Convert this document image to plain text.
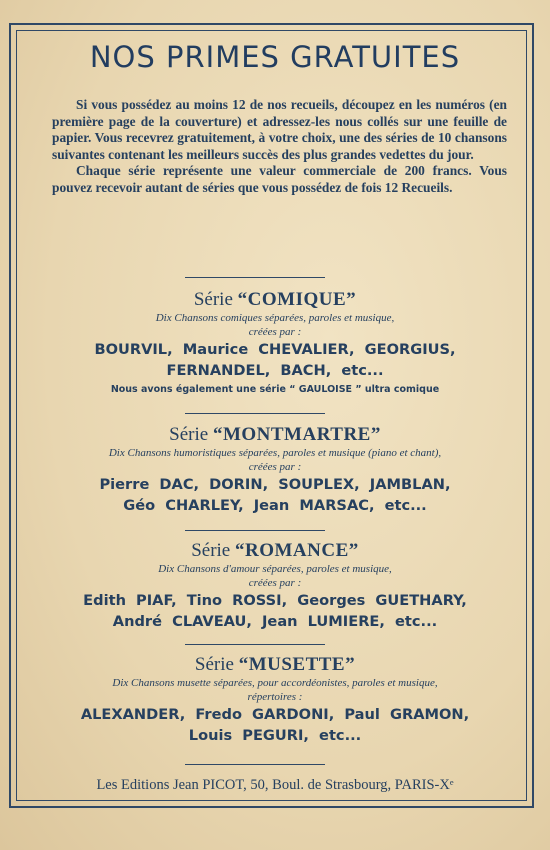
NOS PRIMES GRATUITES

Si vous possédez au moins 12 de nos recueils, découpez en les numéros (en première page de la couverture) et adressez-les nous collés sur une feuille de papier. Vous recevrez gratuitement, à votre choix, une des séries de 10 chansons suivantes contenant les meilleurs succès des plus grandes vedettes du jour.

Chaque série représente une valeur commerciale de 200 francs. Vous pouvez recevoir autant de séries que vous possédez de fois 12 Recueils.

Série “COMIQUE”

Dix Chansons comiques séparées, paroles et musique,

créées par :

BOURVIL, Maurice CHEVALIER, GEORGIUS,

FERNANDEL, BACH, etc...

Nous avons également une série “ GAULOISE ” ultra comique

Série “MONTMARTRE”

Dix Chansons humoristiques séparées, paroles et musique (piano et chant),

créées par :

Pierre DAC, DORIN, SOUPLEX, JAMBLAN,

Géo CHARLEY, Jean MARSAC, etc...

Série “ROMANCE”

Dix Chansons d'amour séparées, paroles et musique,

créées par :

Edith PIAF, Tino ROSSI, Georges GUETHARY,

André CLAVEAU, Jean LUMIERE, etc...

Série “MUSETTE”

Dix Chansons musette séparées, pour accordéonistes, paroles et musique,

répertoires :

ALEXANDER, Fredo GARDONI, Paul GRAMON,

Louis PEGURI, etc...

Les Editions Jean PICOT, 50, Boul. de Strasbourg, PARIS-Xᵉ
